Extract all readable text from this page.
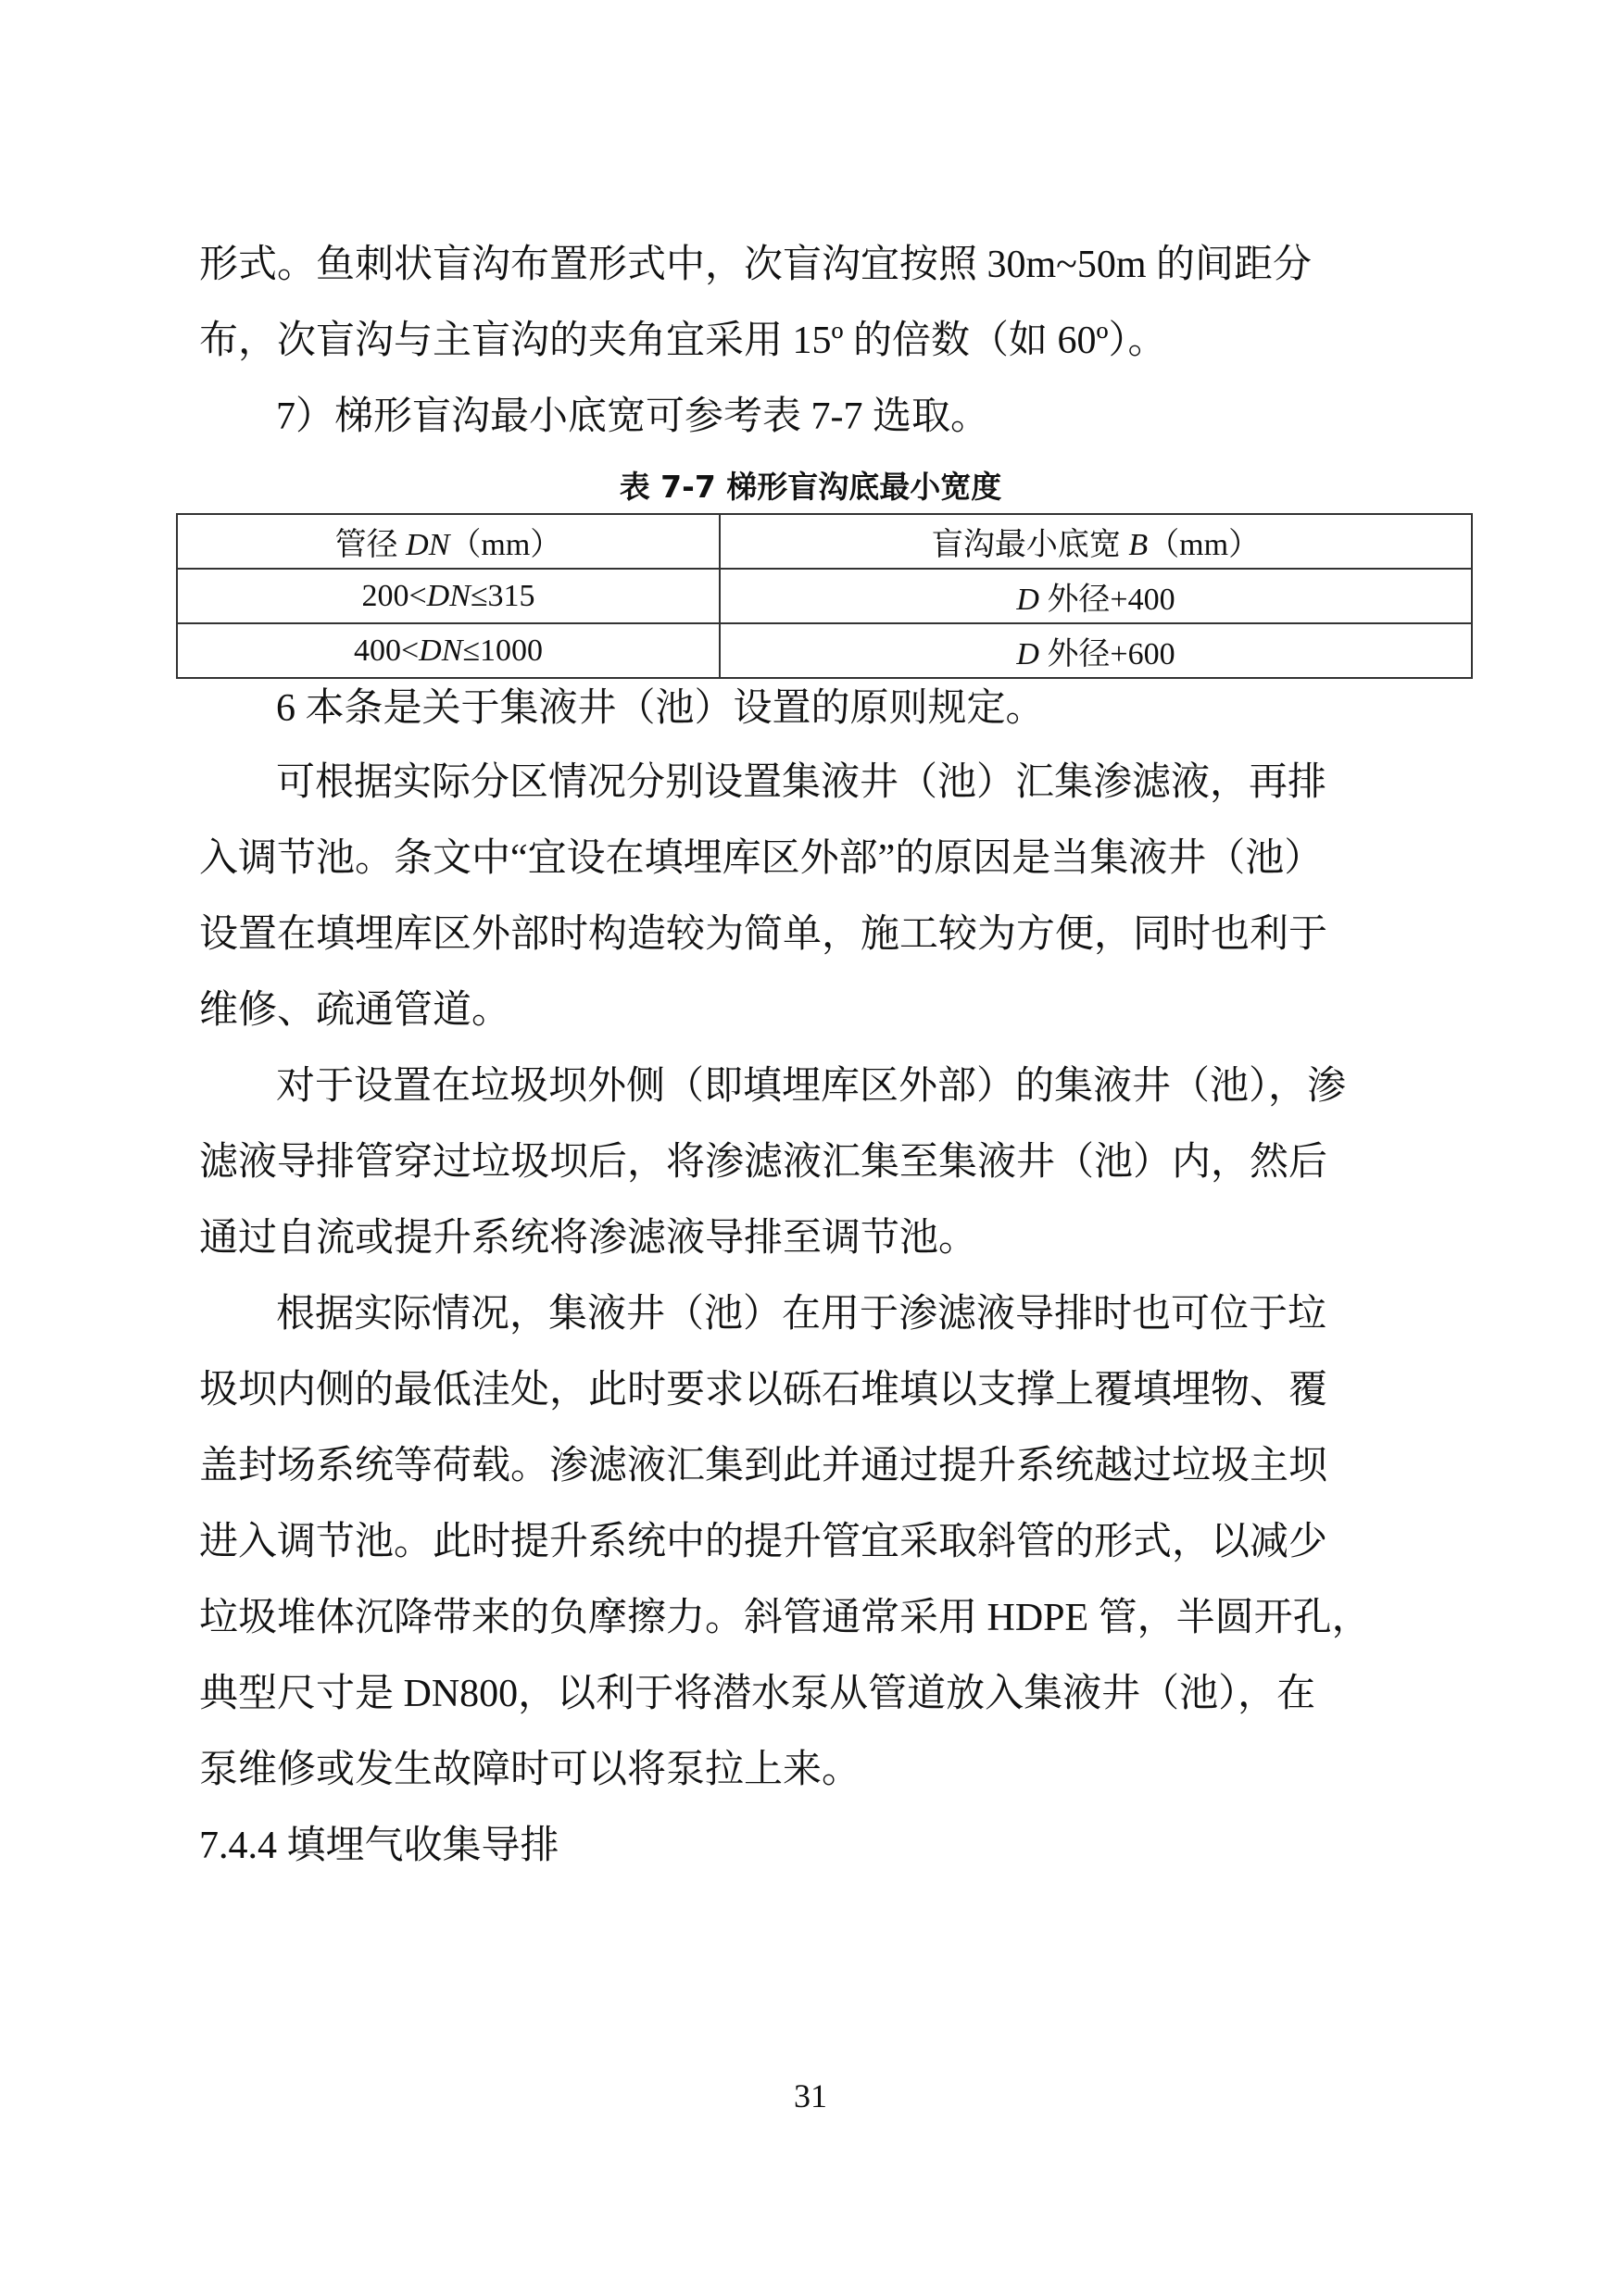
形式。鱼刺状盲沟布置形式中，次盲沟宜按照 30m~50m 的间距分
布，次盲沟与主盲沟的夹角宜采用 15º 的倍数（如 60º）。
7）梯形盲沟最小底宽可参考表 7-7 选取。
表 7-7 梯形盲沟底最小宽度
管径 DN（mm）	盲沟最小底宽 B（mm）
200<DN≤315	D 外径+400
400<DN≤1000	D 外径+600
6 本条是关于集液井（池）设置的原则规定。
可根据实际分区情况分别设置集液井（池）汇集渗滤液，再排
入调节池。条文中“宜设在填埋库区外部”的原因是当集液井（池）
设置在填埋库区外部时构造较为简单，施工较为方便，同时也利于
维修、疏通管道。
对于设置在垃圾坝外侧（即填埋库区外部）的集液井（池），渗
滤液导排管穿过垃圾坝后，将渗滤液汇集至集液井（池）内，然后
通过自流或提升系统将渗滤液导排至调节池。
根据实际情况，集液井（池）在用于渗滤液导排时也可位于垃
圾坝内侧的最低洼处，此时要求以砾石堆填以支撑上覆填埋物、覆
盖封场系统等荷载。渗滤液汇集到此并通过提升系统越过垃圾主坝
进入调节池。此时提升系统中的提升管宜采取斜管的形式，以减少
垃圾堆体沉降带来的负摩擦力。斜管通常采用 HDPE 管，半圆开孔，
典型尺寸是 DN800，以利于将潜水泵从管道放入集液井（池），在
泵维修或发生故障时可以将泵拉上来。
7.4.4 填埋气收集导排
31
